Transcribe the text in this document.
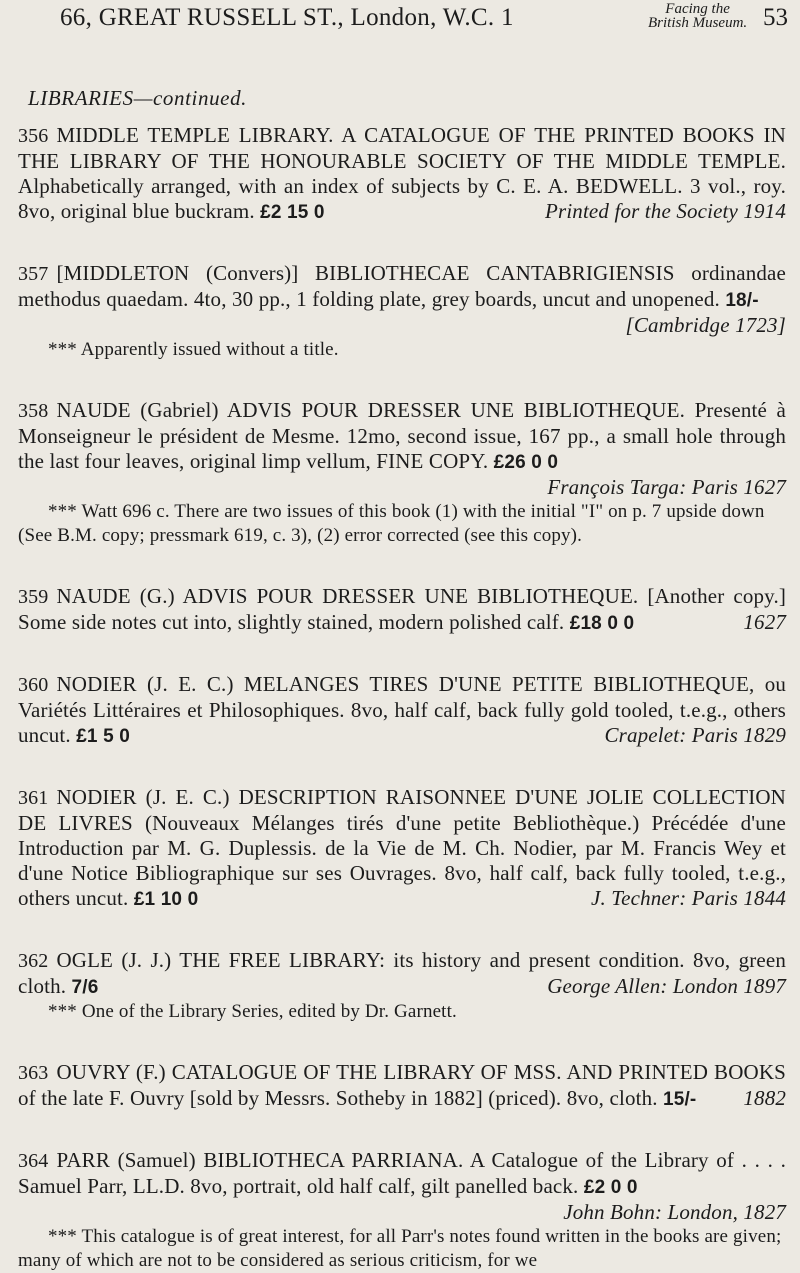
66, GREAT RUSSELL ST., London, W.C. 1	Facing the
British Museum. 53
LIBRARIES—continued.

356 MIDDLE TEMPLE LIBRARY. A CATALOGUE OF THE PRINTED BOOKS IN THE LIBRARY OF THE HONOURABLE SOCIETY OF THE MIDDLE TEMPLE. Alphabetically arranged, with an index of subjects by C. E. A. BEDWELL. 3 vol., roy. 8vo, original blue buckram. £2 15 0	Printed for the Society 1914

357 [MIDDLETON (Convers)] BIBLIOTHECAE CANTABRIGIENSIS ordinandae methodus quaedam. 4to, 30 pp., 1 folding plate, grey boards, uncut and unopened. 18/-
[Cambridge 1723]

*** Apparently issued without a title.

358 NAUDE (Gabriel) ADVIS POUR DRESSER UNE BIBLIOTHEQUE. Presenté à Monseigneur le président de Mesme. 12mo, second issue, 167 pp., a small hole through the last four leaves, original limp vellum, FINE COPY. £26 0 0
François Targa: Paris 1627

*** Watt 696 c. There are two issues of this book (1) with the initial "I" on p. 7 upside down (See B.M. copy; pressmark 619, c. 3), (2) error corrected (see this copy).

359 NAUDE (G.) ADVIS POUR DRESSER UNE BIBLIOTHEQUE. [Another copy.] Some side notes cut into, slightly stained, modern polished calf. £18 0 0	1627

360 NODIER (J. E. C.) MELANGES TIRES D'UNE PETITE BIBLIOTHEQUE, ou Variétés Littéraires et Philosophiques. 8vo, half calf, back fully gold tooled, t.e.g., others uncut. £1 5 0	Crapelet: Paris 1829

361 NODIER (J. E. C.) DESCRIPTION RAISONNEE D'UNE JOLIE COLLECTION DE LIVRES (Nouveaux Mélanges tirés d'une petite Bebliothèque.) Précédée d'une Introduction par M. G. Duplessis. de la Vie de M. Ch. Nodier, par M. Francis Wey et d'une Notice Bibliographique sur ses Ouvrages. 8vo, half calf, back fully tooled, t.e.g., others uncut. £1 10 0	J. Techner: Paris 1844

362 OGLE (J. J.) THE FREE LIBRARY: its history and present condition. 8vo, green cloth. 7/6	George Allen: London 1897

*** One of the Library Series, edited by Dr. Garnett.

363 OUVRY (F.) CATALOGUE OF THE LIBRARY OF MSS. AND PRINTED BOOKS of the late F. Ouvry [sold by Messrs. Sotheby in 1882] (priced). 8vo, cloth. 15/- 1882

364 PARR (Samuel) BIBLIOTHECA PARRIANA. A Catalogue of the Library of . . . . Samuel Parr, LL.D. 8vo, portrait, old half calf, gilt panelled back. £2 0 0
John Bohn: London, 1827

*** This catalogue is of great interest, for all Parr's notes found written in the books are given; many of which are not to be considered as serious criticism, for we
